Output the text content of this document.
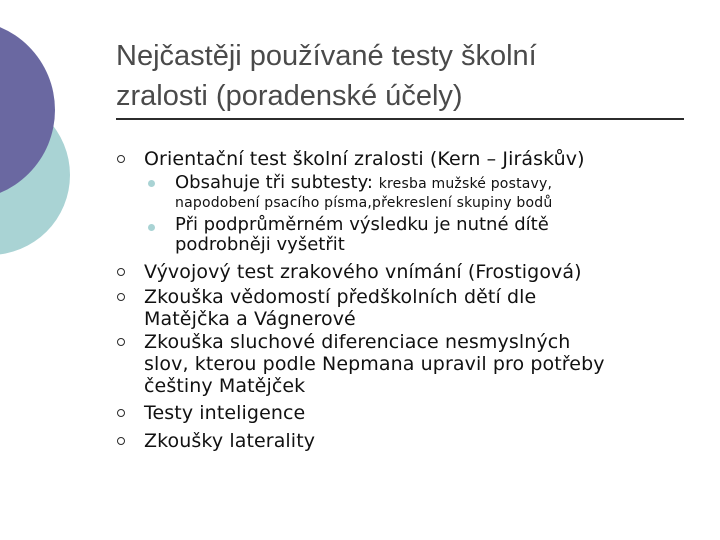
Nejčastěji používané testy školní
zralosti (poradenské účely)
Orientační test školní zralosti (Kern – Jiráskův)
Obsahuje tři subtesty: kresba mužské postavy,
napodobení psacího písma,překreslení skupiny bodů
Při podprůměrném výsledku je nutné dítě
podrobněji vyšetřit
Vývojový test zrakového vnímání (Frostigová)
Zkouška vědomostí předškolních dětí dle
Matějčka a Vágnerové
Zkouška sluchové diferenciace nesmyslných
slov, kterou podle Nepmana upravil pro potřeby
češtiny Matějček
Testy inteligence
Zkoušky laterality
